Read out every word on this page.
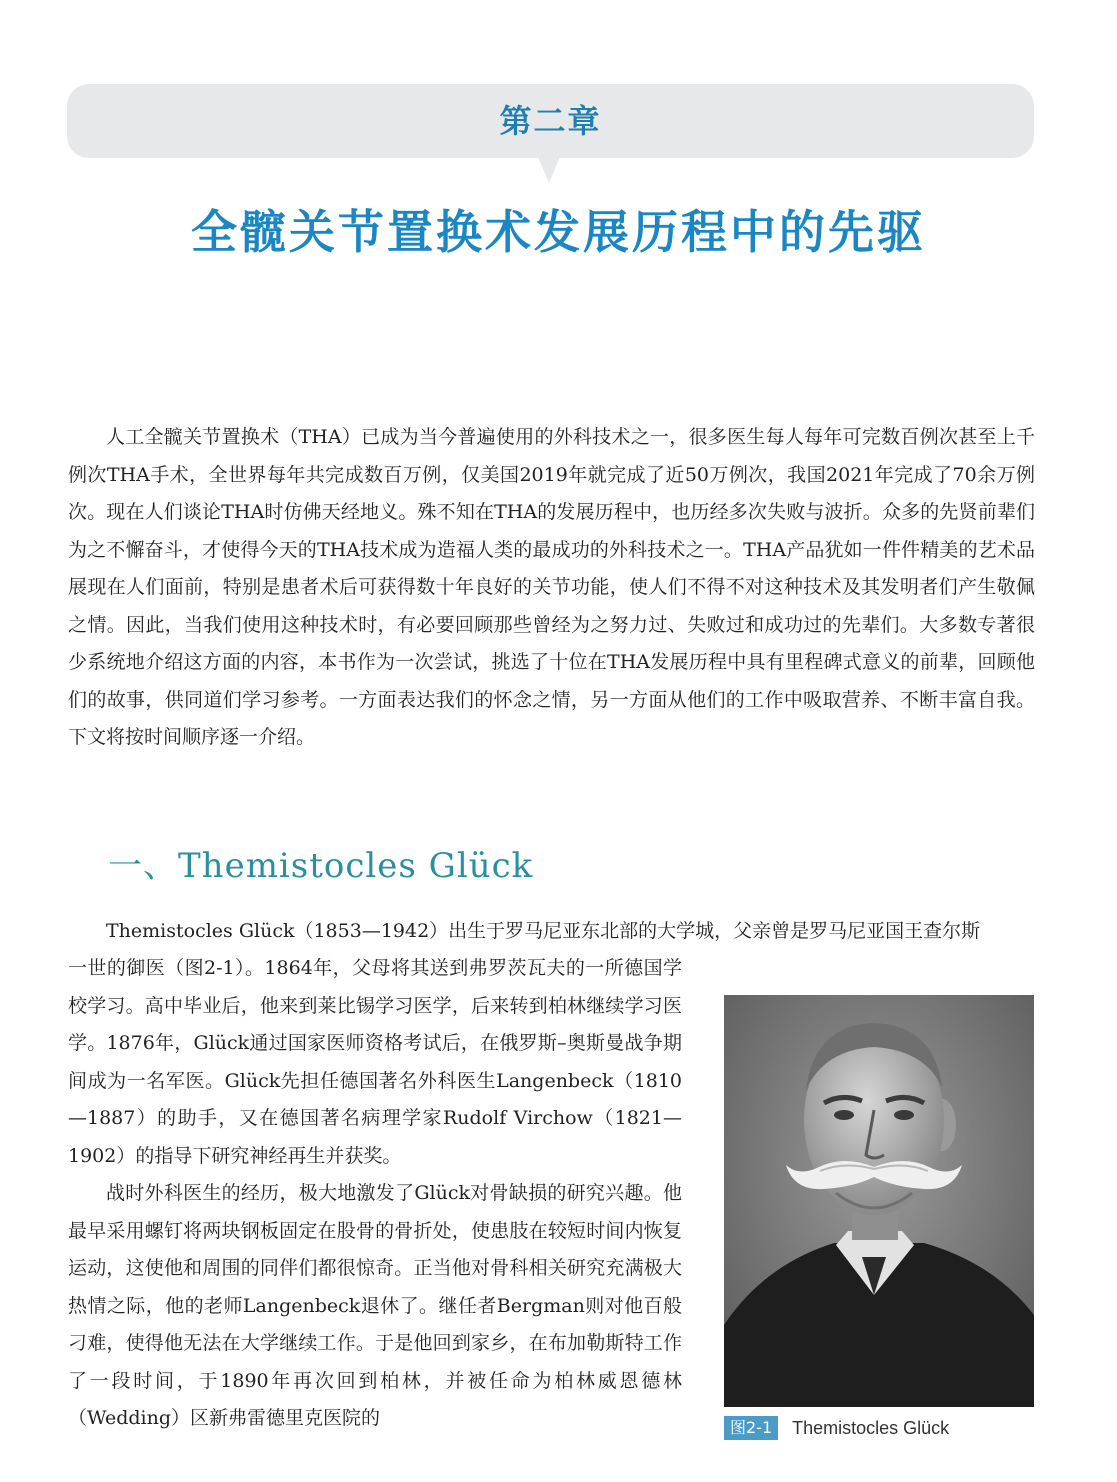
第二章
全髋关节置换术发展历程中的先驱

人工全髋关节置换术（THA）已成为当今普遍使用的外科技术之一，很多医生每人每年可完数百例次甚至上千例次THA手术，全世界每年共完成数百万例，仅美国2019年就完成了近50万例次，我国2021年完成了70余万例次。现在人们谈论THA时仿佛天经地义。殊不知在THA的发展历程中，也历经多次失败与波折。众多的先贤前辈们为之不懈奋斗，才使得今天的THA技术成为造福人类的最成功的外科技术之一。THA产品犹如一件件精美的艺术品展现在人们面前，特别是患者术后可获得数十年良好的关节功能，使人们不得不对这种技术及其发明者们产生敬佩之情。因此，当我们使用这种技术时，有必要回顾那些曾经为之努力过、失败过和成功过的先辈们。大多数专著很少系统地介绍这方面的内容，本书作为一次尝试，挑选了十位在THA发展历程中具有里程碑式意义的前辈，回顾他们的故事，供同道们学习参考。一方面表达我们的怀念之情，另一方面从他们的工作中吸取营养、不断丰富自我。下文将按时间顺序逐一介绍。

一、Themistocles Glück

Themistocles Glück（1853—1942）出生于罗马尼亚东北部的大学城，父亲曾是罗马尼亚国王查尔斯

一世的御医（图2-1）。1864年，父母将其送到弗罗茨瓦夫的一所德国学校学习。高中毕业后，他来到莱比锡学习医学，后来转到柏林继续学习医学。1876年，Glück通过国家医师资格考试后，在俄罗斯–奥斯曼战争期间成为一名军医。Glück先担任德国著名外科医生Langenbeck（1810—1887）的助手，又在德国著名病理学家Rudolf Virchow（1821—1902）的指导下研究神经再生并获奖。

战时外科医生的经历，极大地激发了Glück对骨缺损的研究兴趣。他最早采用螺钉将两块钢板固定在股骨的骨折处，使患肢在较短时间内恢复运动，这使他和周围的同伴们都很惊奇。正当他对骨科相关研究充满极大热情之际，他的老师Langenbeck退休了。继任者Bergman则对他百般刁难，使得他无法在大学继续工作。于是他回到家乡，在布加勒斯特工作了一段时间，于1890年再次回到柏林，并被任命为柏林威恩德林（Wedding）区新弗雷德里克医院的	图2-1	Themistocles Glück
